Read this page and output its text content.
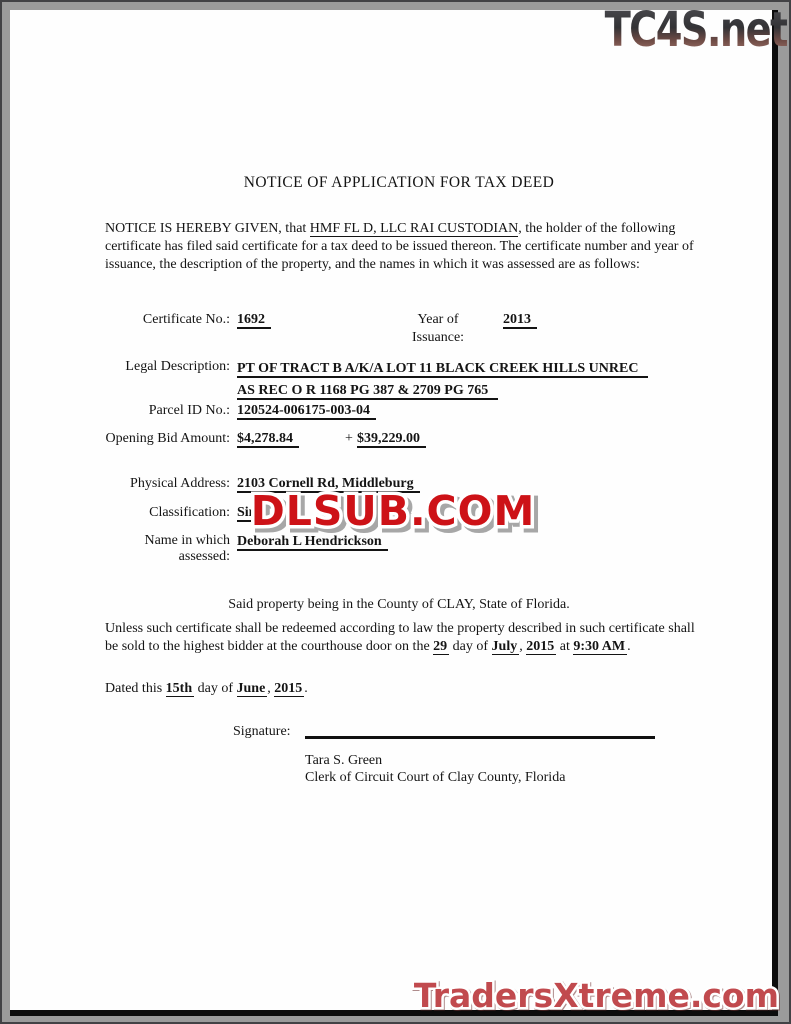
TC4S.net
NOTICE OF APPLICATION FOR TAX DEED

NOTICE IS HEREBY GIVEN, that HMF FL D, LLC RAI CUSTODIAN, the holder of the following certificate has filed said certificate for a tax deed to be issued thereon. The certificate number and year of issuance, the description of the property, and the names in which it was assessed are as follows:

Certificate No.: 1692	Year of
Issuance:
2013
Legal Description: PT OF TRACT B A/K/A LOT 11 BLACK CREEK HILLS UNREC
AS REC O R 1168 PG 387 & 2709 PG 765
Parcel ID No.: 120524-006175-003-04
Opening Bid Amount: $4,278.84	+ $39,229.00
Physical Address: 2103 Cornell Rd, Middleburg
Classification: Sin
Name in which
assessed:
Deborah L Hendrickson

Said property being in the County of CLAY, State of Florida.

Unless such certificate shall be redeemed according to law the property described in such certificate shall be sold to the highest bidder at the courthouse door on the 29 day of July , 2015 at 9:30 AM .

Dated this 15th day of June , 2015 .

Signature:
Tara S. Green
Clerk of Circuit Court of Clay County, Florida
DLSUB.COM
TradersXtreme.com
